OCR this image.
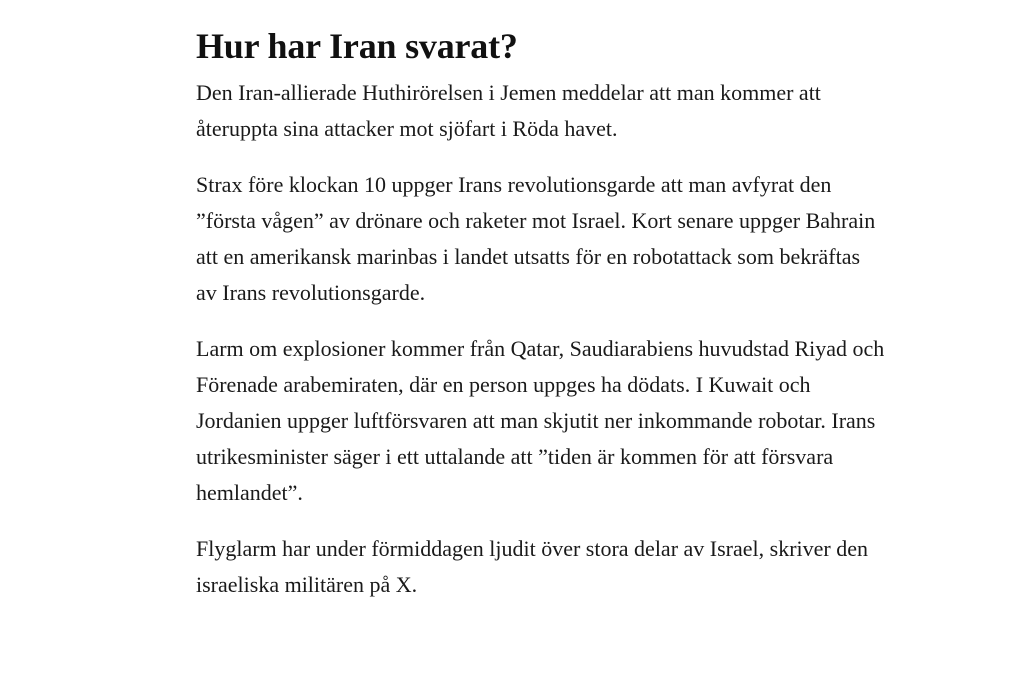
Hur har Iran svarat?

Den Iran-allierade Huthirörelsen i Jemen meddelar att man kommer att återuppta sina attacker mot sjöfart i Röda havet.

Strax före klockan 10 uppger Irans revolutionsgarde att man avfyrat den ”första vågen” av drönare och raketer mot Israel. Kort senare uppger Bahrain att en amerikansk marinbas i landet utsatts för en robotattack som bekräftas av Irans revolutionsgarde.

Larm om explosioner kommer från Qatar, Saudiarabiens huvudstad Riyad och Förenade arabemiraten, där en person uppges ha dödats. I Kuwait och Jordanien uppger luftförsvaren att man skjutit ner inkommande robotar. Irans utrikesminister säger i ett uttalande att ”tiden är kommen för att försvara hemlandet”.

Flyglarm har under förmiddagen ljudit över stora delar av Israel, skriver den israeliska militären på X.
